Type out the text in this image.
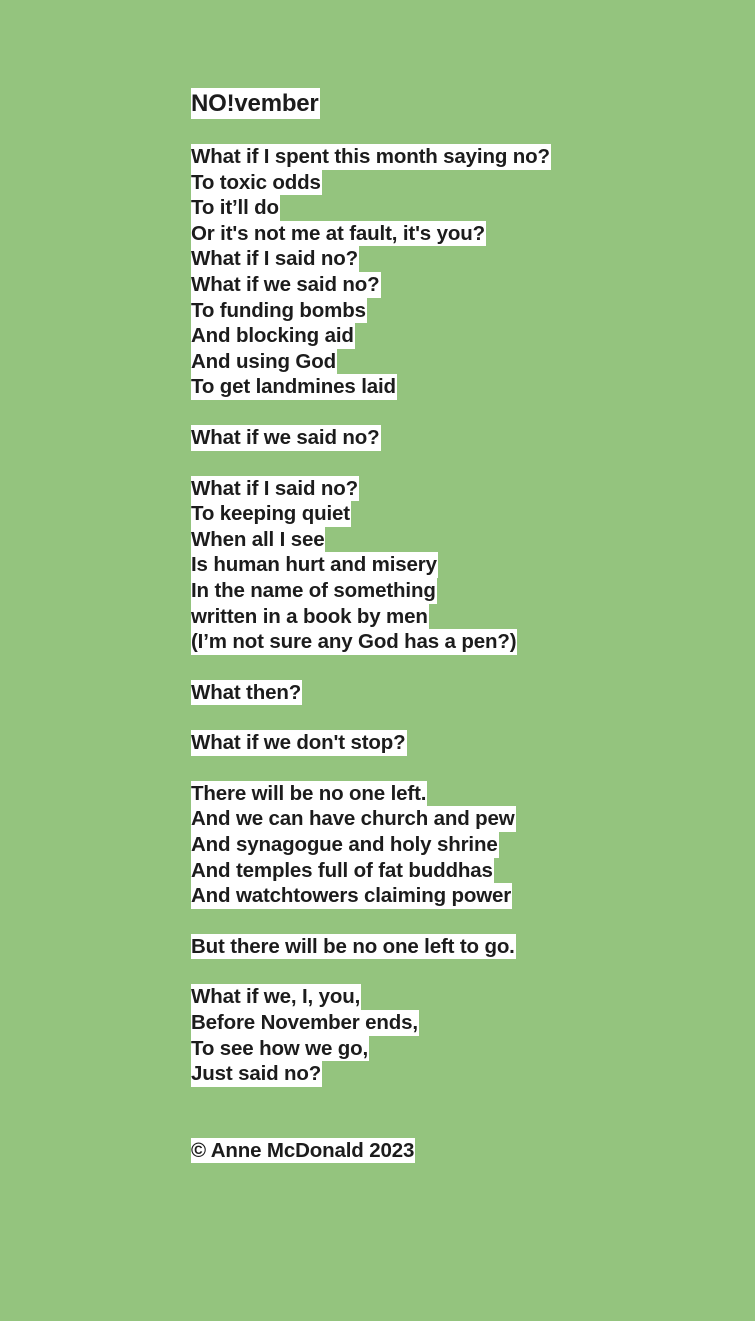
NO!vember
What if I spent this month saying no?
To toxic odds
To it’ll do
Or it's not me at fault, it's you?
What if I said no?
What if we said no?
To funding bombs
And blocking aid
And using God
To get landmines laid
What if we said no?
What if I said no?
To keeping quiet
When all I see
Is human hurt and misery
In the name of something
written in a book by men
(I’m not sure any God has a pen?)
What then?
What if we don't stop?
There will be no one left.
And we can have church and pew
And synagogue and holy shrine
And temples full of fat buddhas
And watchtowers claiming power
But there will be no one left to go.
What if we, I, you,
Before November ends,
To see how we go,
Just said no?
© Anne McDonald 2023
